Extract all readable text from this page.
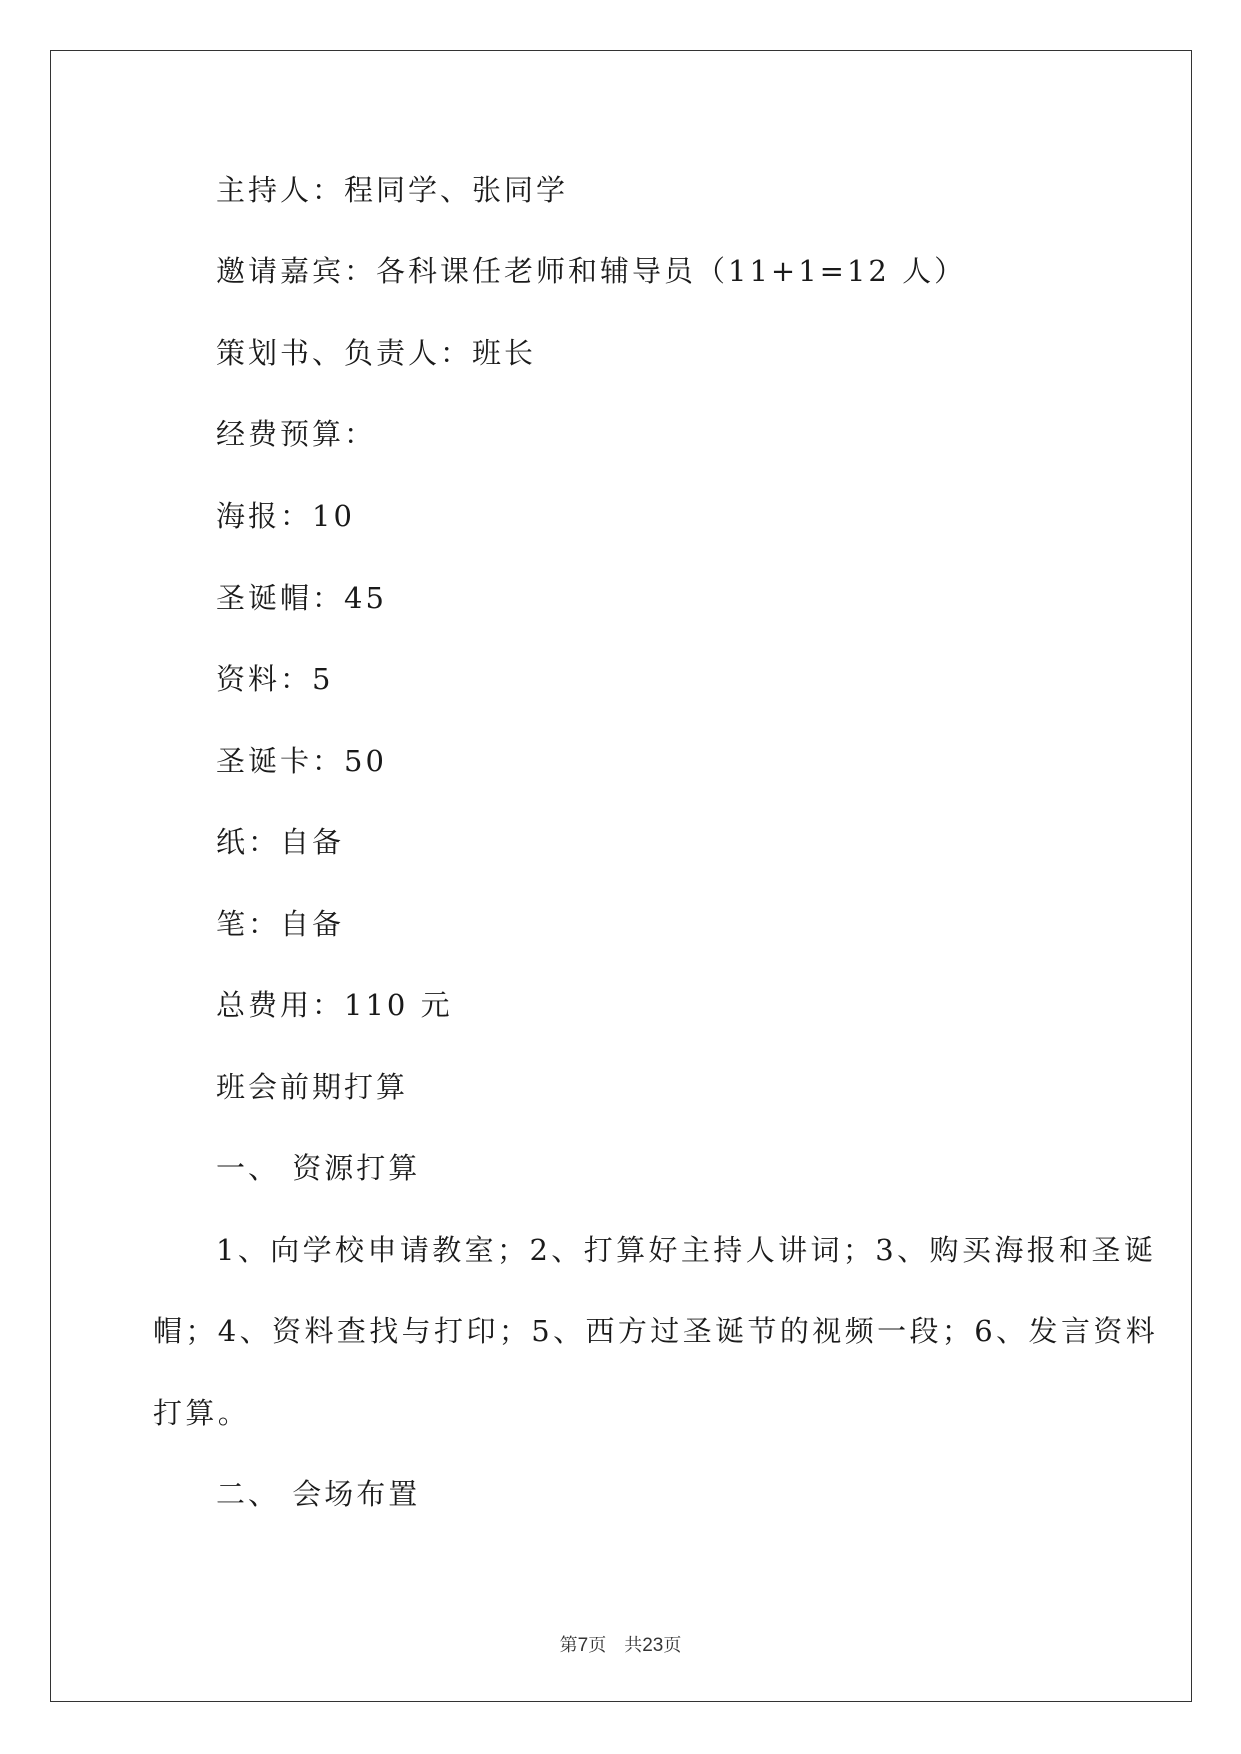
主持人：程同学、张同学
邀请嘉宾：各科课任老师和辅导员（11+1=12 人）
策划书、负责人：班长
经费预算：
海报：10
圣诞帽：45
资料：5
圣诞卡：50
纸：自备
笔：自备
总费用：110 元
班会前期打算
一、 资源打算
1、向学校申请教室；2、打算好主持人讲词；3、购买海报和圣诞
帽；4、资料查找与打印；5、西方过圣诞节的视频一段；6、发言资料
打算。
二、 会场布置
第7页　共23页
